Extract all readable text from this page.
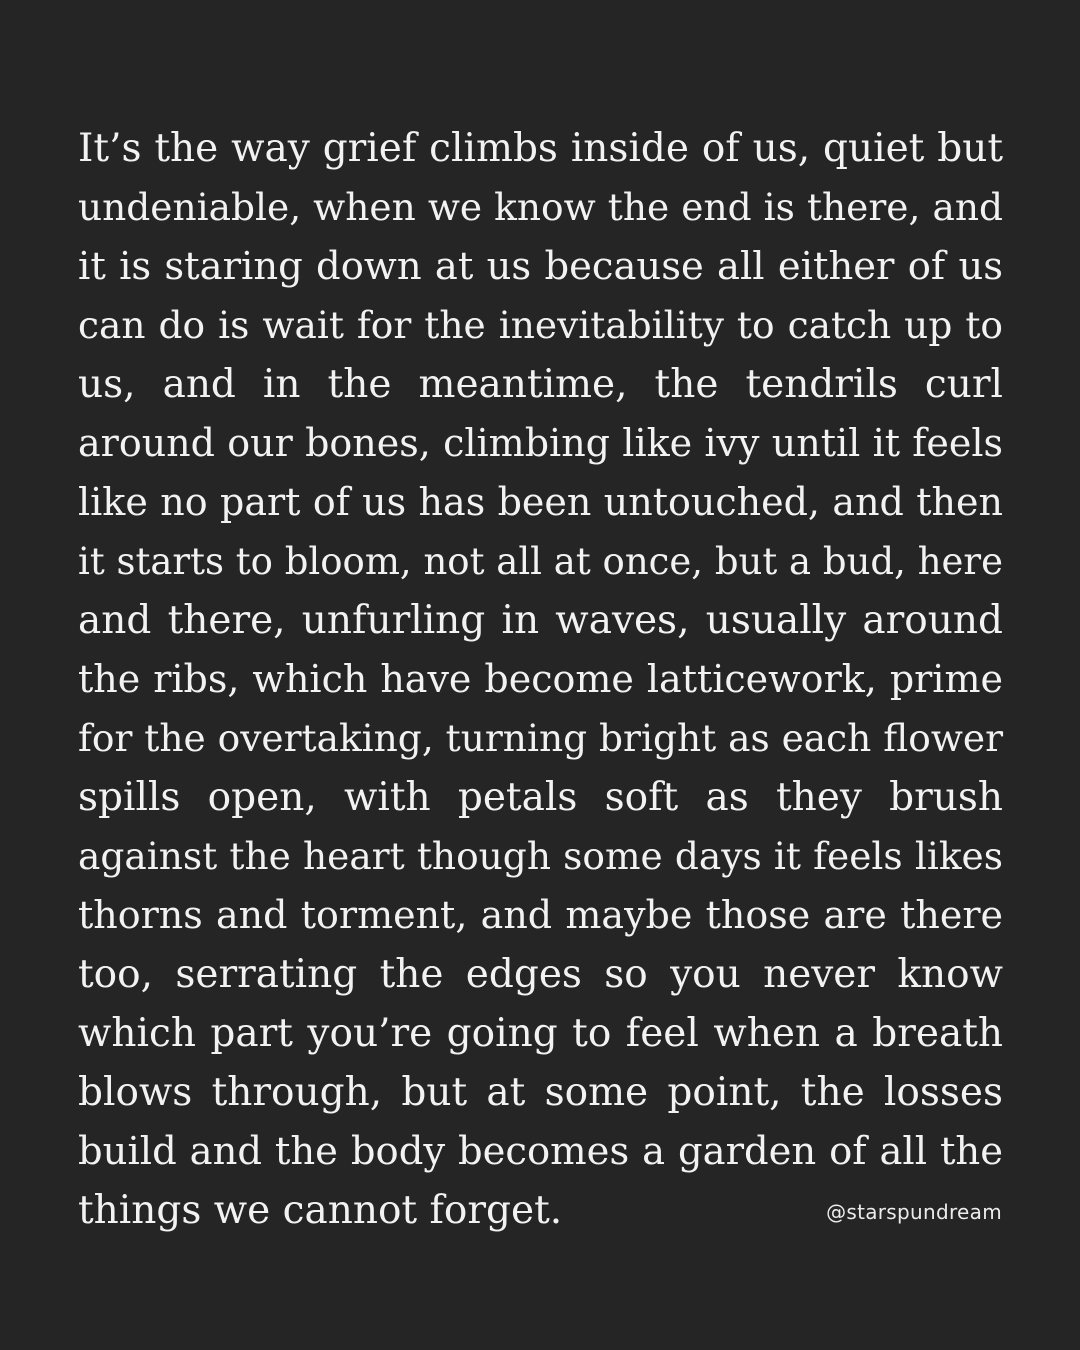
It’s the way grief climbs inside of us, quiet but
undeniable, when we know the end is there, and
it is staring down at us because all either of us
can do is wait for the inevitability to catch up to
us, and in the meantime, the tendrils curl
around our bones, climbing like ivy until it feels
like no part of us has been untouched, and then
it starts to bloom, not all at once, but a bud, here
and there, unfurling in waves, usually around
the ribs, which have become latticework, prime
for the overtaking, turning bright as each flower
spills open, with petals soft as they brush
against the heart though some days it feels likes
thorns and torment, and maybe those are there
too, serrating the edges so you never know
which part you’re going to feel when a breath
blows through, but at some point, the losses
build and the body becomes a garden of all the
things we cannot forget.	@starspundream
